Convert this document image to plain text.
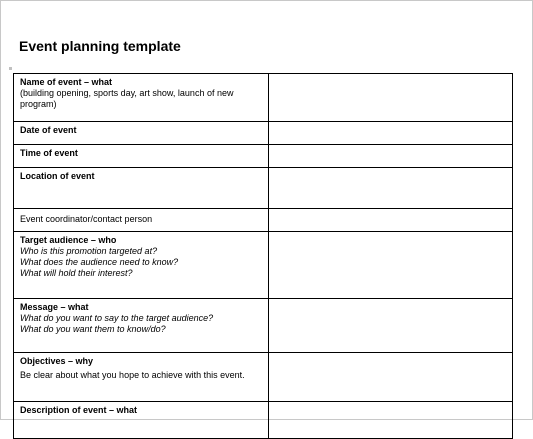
Event planning template
Name of event – what
(building opening, sports day, art show, launch of new
program)	

Date of event	

Time of event	

Location of event	

Event coordinator/contact person	

Target audience – who
Who is this promotion targeted at?
What does the audience need to know?
What will hold their interest?	

Message – what
What do you want to say to the target audience?
What do you want them to know/do?	

Objectives – why
Be clear about what you hope to achieve with this event.	

Description of event – what	
